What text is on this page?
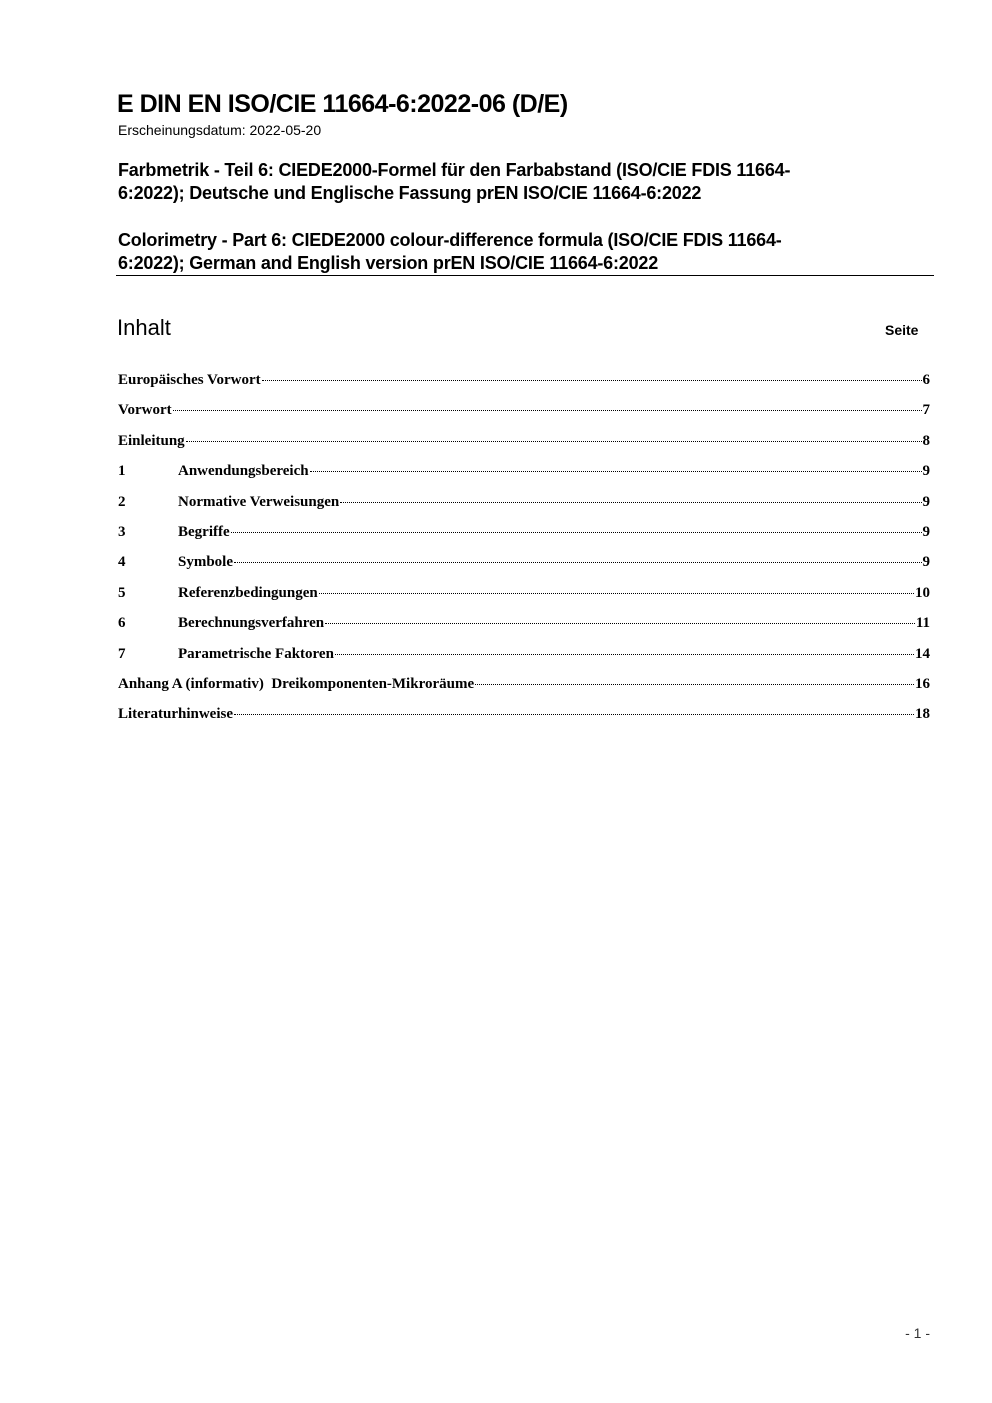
E DIN EN ISO/CIE 11664-6:2022-06 (D/E)
Erscheinungsdatum: 2022-05-20
Farbmetrik - Teil 6: CIEDE2000-Formel für den Farbabstand (ISO/CIE FDIS 11664-
6:2022); Deutsche und Englische Fassung prEN ISO/CIE 11664-6:2022
Colorimetry - Part 6: CIEDE2000 colour-difference formula (ISO/CIE FDIS 11664-
6:2022); German and English version prEN ISO/CIE 11664-6:2022
Inhalt	Seite
Europäisches Vorwort	6
Vorwort	7
Einleitung	8
1	Anwendungsbereich	9
2	Normative Verweisungen	9
3	Begriffe	9
4	Symbole	9
5	Referenzbedingungen	10
6	Berechnungsverfahren	11
7	Parametrische Faktoren	14
Anhang A (informativ)  Dreikomponenten-Mikroräume	16
Literaturhinweise	18
- 1 -
